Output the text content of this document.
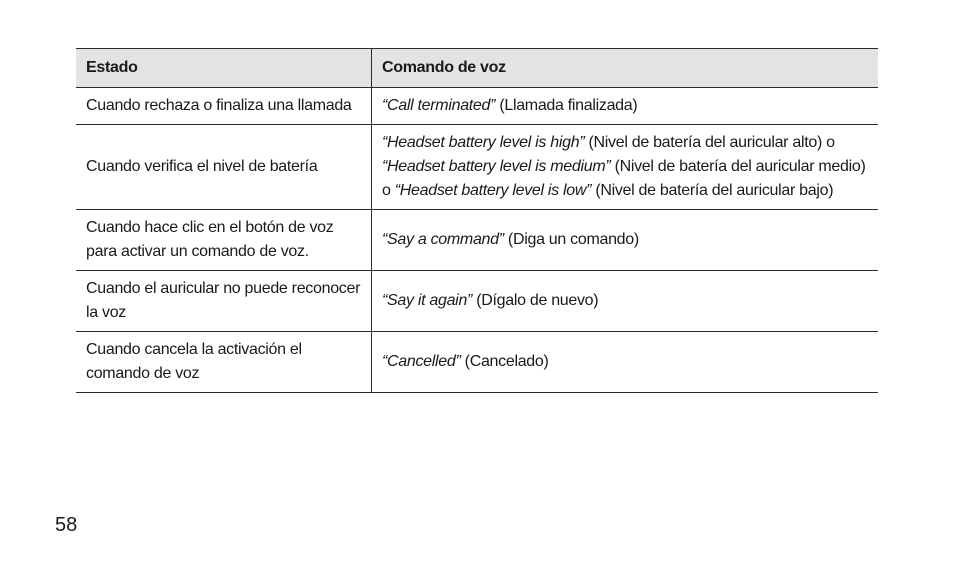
Estado	Comando de voz
Cuando rechaza o finaliza una llamada	“Call terminated” (Llamada finalizada)
Cuando verifica el nivel de batería	“Headset battery level is high” (Nivel de batería del auricular alto) o “Headset battery level is medium” (Nivel de batería del auricular medio) o “Headset battery level is low” (Nivel de batería del auricular bajo)
Cuando hace clic en el botón de voz para activar un comando de voz.	“Say a command” (Diga un comando)
Cuando el auricular no puede reconocer la voz	“Say it again” (Dígalo de nuevo)
Cuando cancela la activación el comando de voz	“Cancelled” (Cancelado)
58
